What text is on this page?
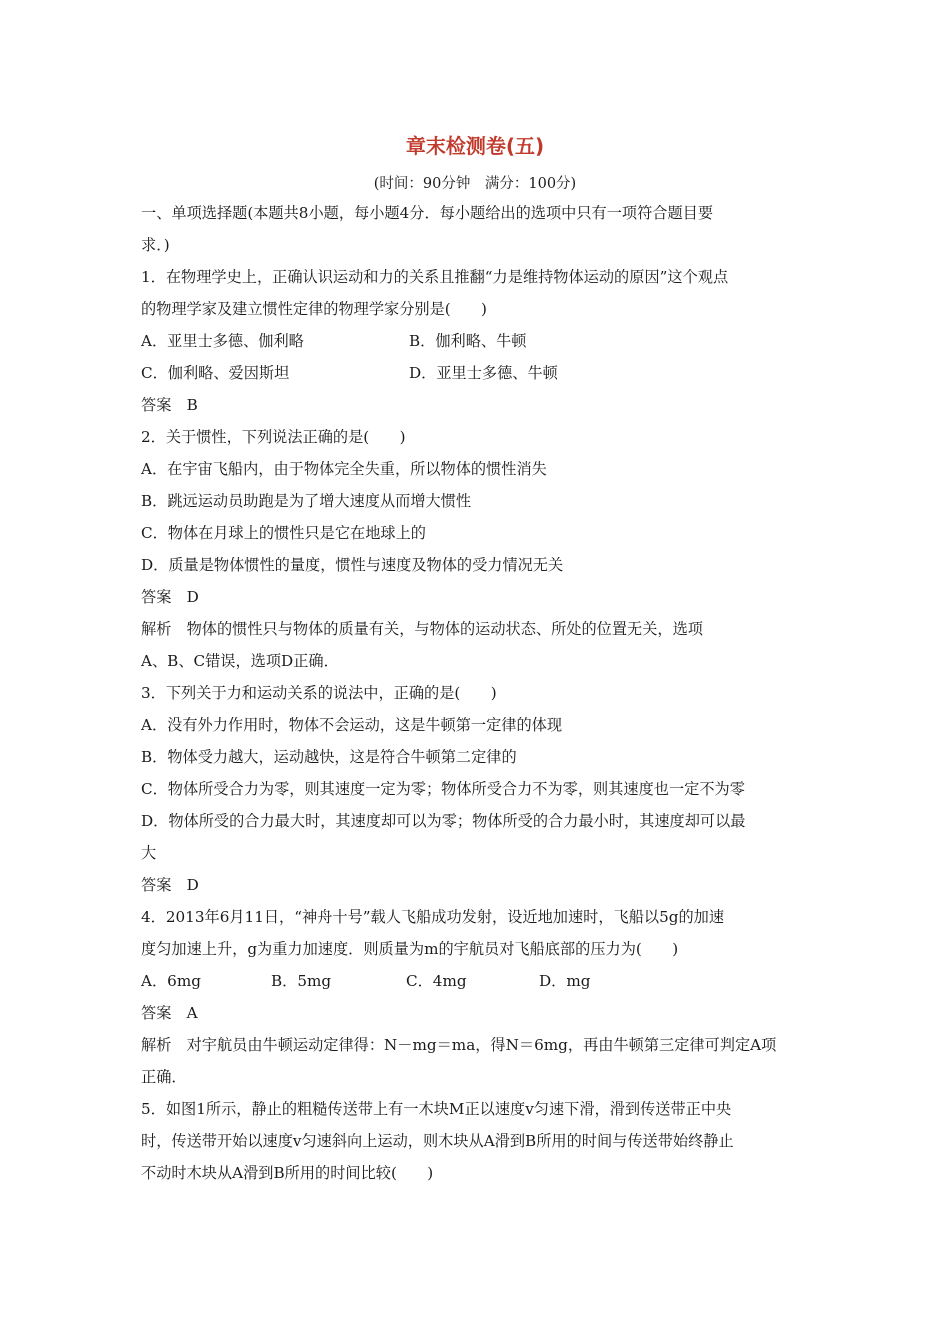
章末检测卷(五)
(时间：90分钟　满分：100分)
一、单项选择题(本题共8小题，每小题4分．每小题给出的选项中只有一项符合题目要
求．)
1．在物理学史上，正确认识运动和力的关系且推翻“力是维持物体运动的原因”这个观点
的物理学家及建立惯性定律的物理学家分别是(　　)
A．亚里士多德、伽利略	B．伽利略、牛顿
C．伽利略、爱因斯坦	D．亚里士多德、牛顿
答案　B
2．关于惯性，下列说法正确的是(　　)
A．在宇宙飞船内，由于物体完全失重，所以物体的惯性消失
B．跳远运动员助跑是为了增大速度从而增大惯性
C．物体在月球上的惯性只是它在地球上的
D．质量是物体惯性的量度，惯性与速度及物体的受力情况无关
答案　D
解析　物体的惯性只与物体的质量有关，与物体的运动状态、所处的位置无关，选项
A、B、C错误，选项D正确．
3．下列关于力和运动关系的说法中，正确的是(　　)
A．没有外力作用时，物体不会运动，这是牛顿第一定律的体现
B．物体受力越大，运动越快，这是符合牛顿第二定律的
C．物体所受合力为零，则其速度一定为零；物体所受合力不为零，则其速度也一定不为零
D．物体所受的合力最大时，其速度却可以为零；物体所受的合力最小时，其速度却可以最
大
答案　D
4．2013年6月11日，“神舟十号”载人飞船成功发射，设近地加速时，飞船以5g的加速
度匀加速上升，g为重力加速度．则质量为m的宇航员对飞船底部的压力为(　　)
A．6mg	B．5mg	C．4mg	D．mg
答案　A
解析　对宇航员由牛顿运动定律得：N－mg＝ma，得N＝6mg，再由牛顿第三定律可判定A项
正确．
5．如图1所示，静止的粗糙传送带上有一木块M正以速度v匀速下滑，滑到传送带正中央
时，传送带开始以速度v匀速斜向上运动，则木块从A滑到B所用的时间与传送带始终静止
不动时木块从A滑到B所用的时间比较(　　)
